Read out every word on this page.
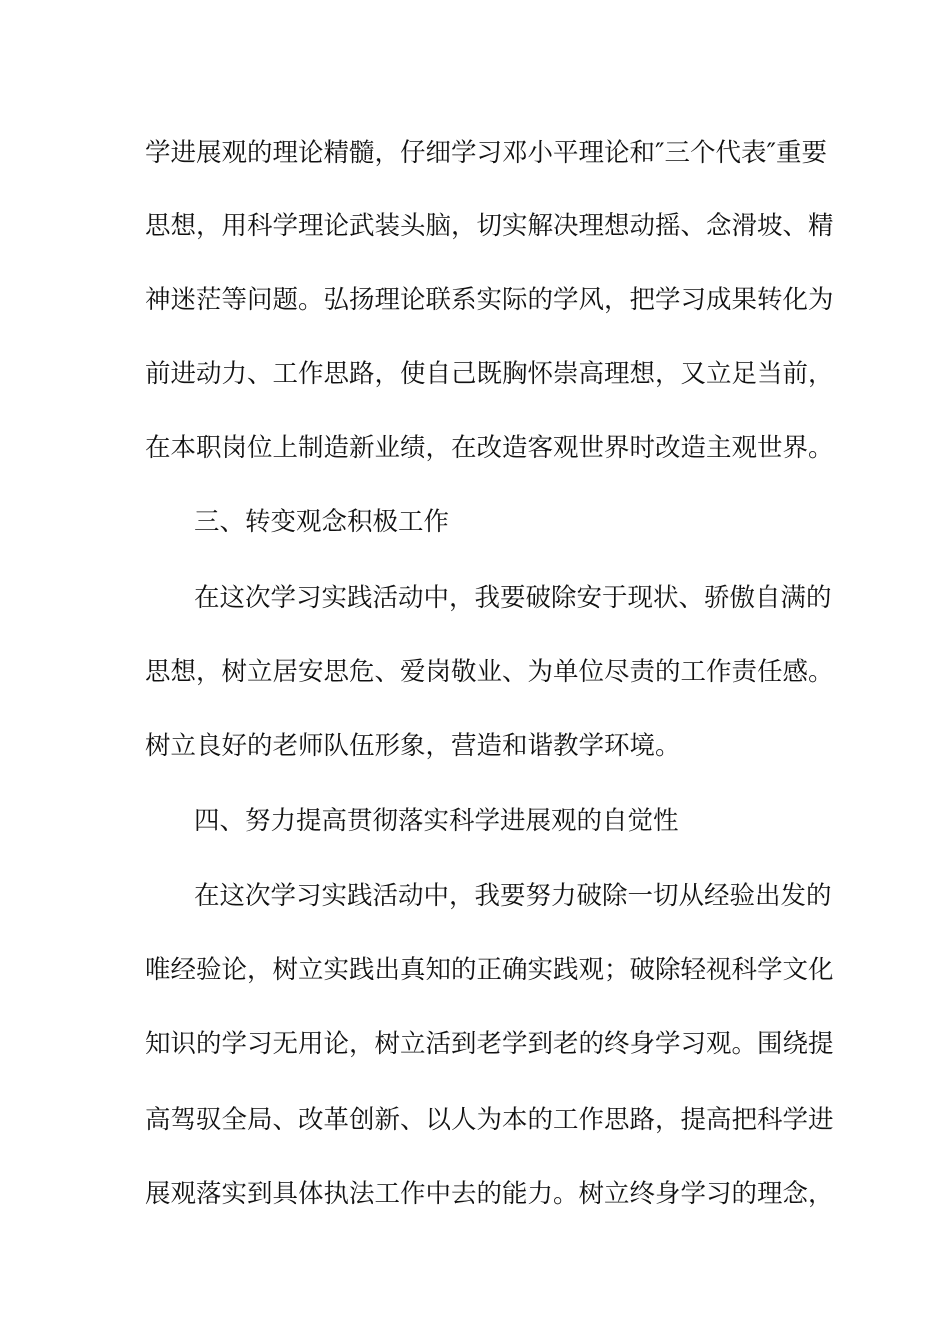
学进展观的理论精髓，仔细学习邓小平理论和″三个代表″重要
思想，用科学理论武装头脑，切实解决理想动摇、念滑坡、精
神迷茫等问题。弘扬理论联系实际的学风，把学习成果转化为
前进动力、工作思路，使自己既胸怀崇高理想，又立足当前，
在本职岗位上制造新业绩，在改造客观世界时改造主观世界。
三、转变观念积极工作
在这次学习实践活动中，我要破除安于现状、骄傲自满的
思想，树立居安思危、爱岗敬业、为单位尽责的工作责任感。
树立良好的老师队伍形象，营造和谐教学环境。
四、努力提高贯彻落实科学进展观的自觉性
在这次学习实践活动中，我要努力破除一切从经验出发的
唯经验论，树立实践出真知的正确实践观；破除轻视科学文化
知识的学习无用论，树立活到老学到老的终身学习观。围绕提
高驾驭全局、改革创新、以人为本的工作思路，提高把科学进
展观落实到具体执法工作中去的能力。树立终身学习的理念，
